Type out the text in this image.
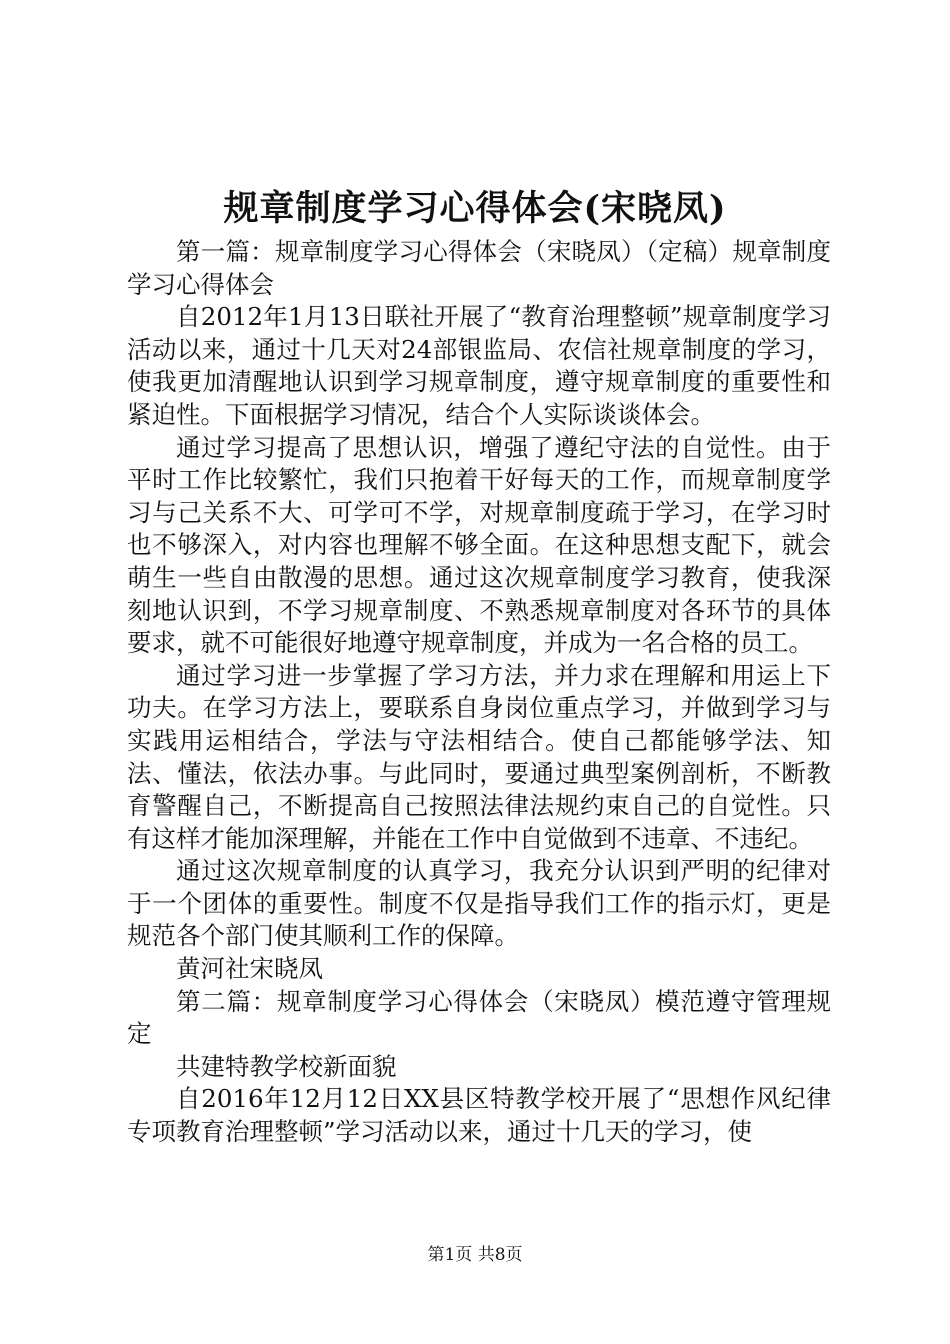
规章制度学习心得体会(宋晓凤)

第一篇：规章制度学习心得体会（宋晓凤）（定稿）规章制度学习心得体会

自2012年1月13日联社开展了“教育治理整顿”规章制度学习活动以来，通过十几天对24部银监局、农信社规章制度的学习，使我更加清醒地认识到学习规章制度，遵守规章制度的重要性和紧迫性。下面根据学习情况，结合个人实际谈谈体会。

通过学习提高了思想认识，增强了遵纪守法的自觉性。由于平时工作比较繁忙，我们只抱着干好每天的工作，而规章制度学习与己关系不大、可学可不学，对规章制度疏于学习，在学习时也不够深入，对内容也理解不够全面。在这种思想支配下，就会萌生一些自由散漫的思想。通过这次规章制度学习教育，使我深刻地认识到，不学习规章制度、不熟悉规章制度对各环节的具体要求，就不可能很好地遵守规章制度，并成为一名合格的员工。

通过学习进一步掌握了学习方法，并力求在理解和用运上下功夫。在学习方法上，要联系自身岗位重点学习，并做到学习与实践用运相结合，学法与守法相结合。使自己都能够学法、知法、懂法，依法办事。与此同时，要通过典型案例剖析，不断教育警醒自己，不断提高自己按照法律法规约束自己的自觉性。只有这样才能加深理解，并能在工作中自觉做到不违章、不违纪。

通过这次规章制度的认真学习，我充分认识到严明的纪律对于一个团体的重要性。制度不仅是指导我们工作的指示灯，更是规范各个部门使其顺利工作的保障。

黄河社宋晓凤

第二篇：规章制度学习心得体会（宋晓凤）模范遵守管理规定

共建特教学校新面貌

自2016年12月12日XX县区特教学校开展了“思想作风纪律专项教育治理整顿”学习活动以来，通过十几天的学习，使

第1页 共8页
